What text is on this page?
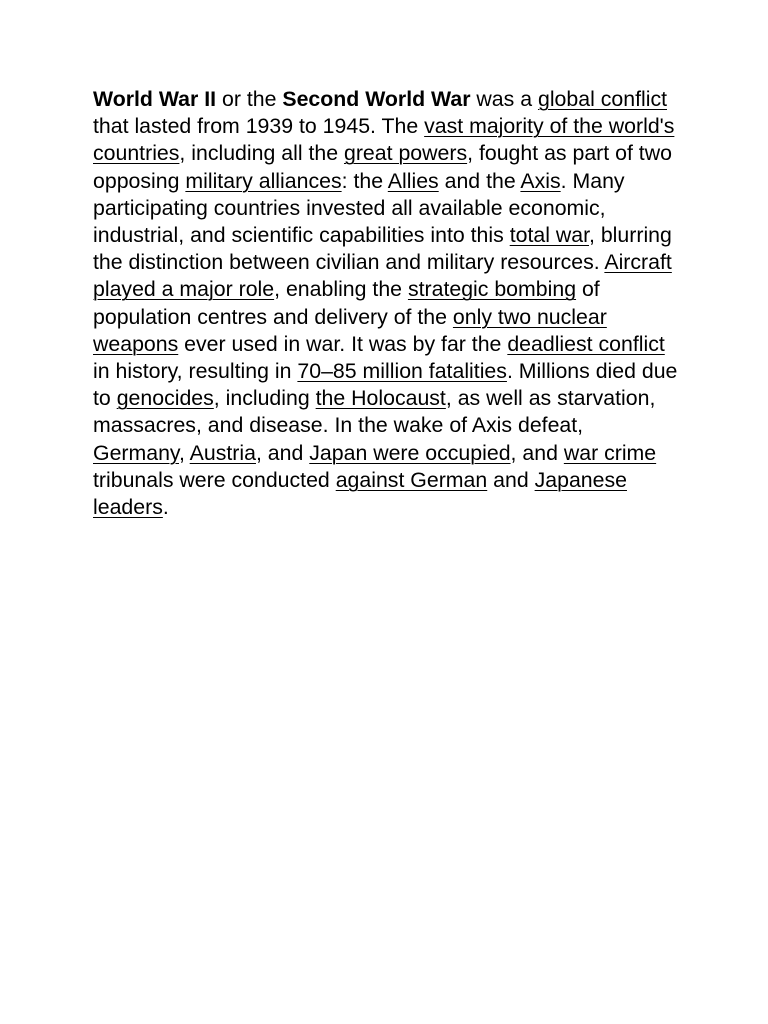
World War II or the Second World War was a global conflict that lasted from 1939 to 1945. The vast majority of the world's countries, including all the great powers, fought as part of two opposing military alliances: the Allies and the Axis. Many participating countries invested all available economic, industrial, and scientific capabilities into this total war, blurring the distinction between civilian and military resources. Aircraft played a major role, enabling the strategic bombing of population centres and delivery of the only two nuclear weapons ever used in war. It was by far the deadliest conflict in history, resulting in 70–85 million fatalities. Millions died due to genocides, including the Holocaust, as well as starvation, massacres, and disease. In the wake of Axis defeat, Germany, Austria, and Japan were occupied, and war crime tribunals were conducted against German and Japanese leaders.
